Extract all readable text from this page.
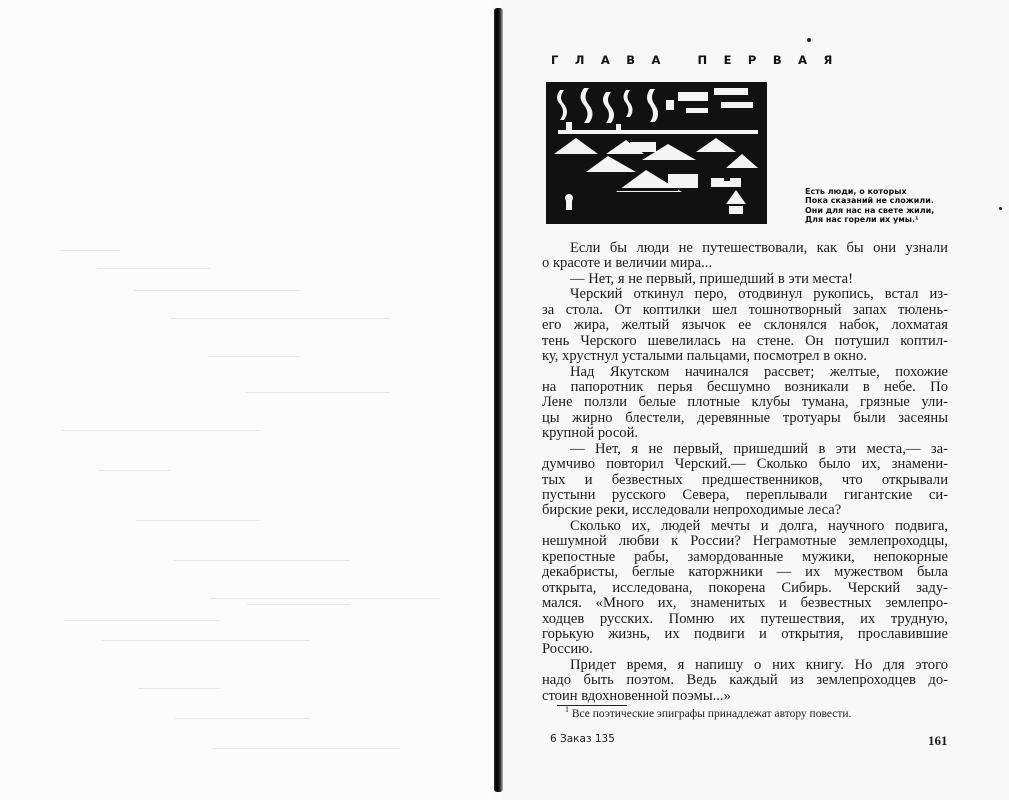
ГЛАВА ПЕРВАЯ
Есть люди, о которых
Пока сказаний не сложили.
Они для нас на свете жили,
Для нас горели их умы.¹
Если бы люди не путешествовали, как бы они узнали
о красоте и величии мира...
— Нет, я не первый, пришедший в эти места!
Черский откинул перо, отодвинул рукопись, встал из-
за стола. От коптилки шел тошнотворный запах тюлень-
его жира, желтый язычок ее склонялся набок, лохматая
тень Черского шевелилась на стене. Он потушил коптил-
ку, хрустнул усталыми пальцами, посмотрел в окно.
Над Якутском начинался рассвет; желтые, похожие
на папоротник перья бесшумно возникали в небе. По
Лене ползли белые плотные клубы тумана, грязные ули-
цы жирно блестели, деревянные тротуары были засеяны
крупной росой.
— Нет, я не первый, пришедший в эти места,— за-
думчиво повторил Черский.— Сколько было их, знамени-
тых и безвестных предшественников, что открывали
пустыни русского Севера, переплывали гигантские си-
бирские реки, исследовали непроходимые леса?
Сколько их, людей мечты и долга, научного подвига,
нешумной любви к России? Неграмотные землепроходцы,
крепостные рабы, замордованные мужики, непокорные
декабристы, беглые каторжники — их мужеством была
открыта, исследована, покорена Сибирь. Черский заду-
мался. «Много их, знаменитых и безвестных землепро-
ходцев русских. Помню их путешествия, их трудную,
горькую жизнь, их подвиги и открытия, прославившие
Россию.
Придет время, я напишу о них книгу. Но для этого
надо быть поэтом. Ведь каждый из землепроходцев до-
стоин вдохновенной поэмы...»
$^1$ Все поэтические эпиграфы принадлежат автору повести.
6 Заказ 135	161
